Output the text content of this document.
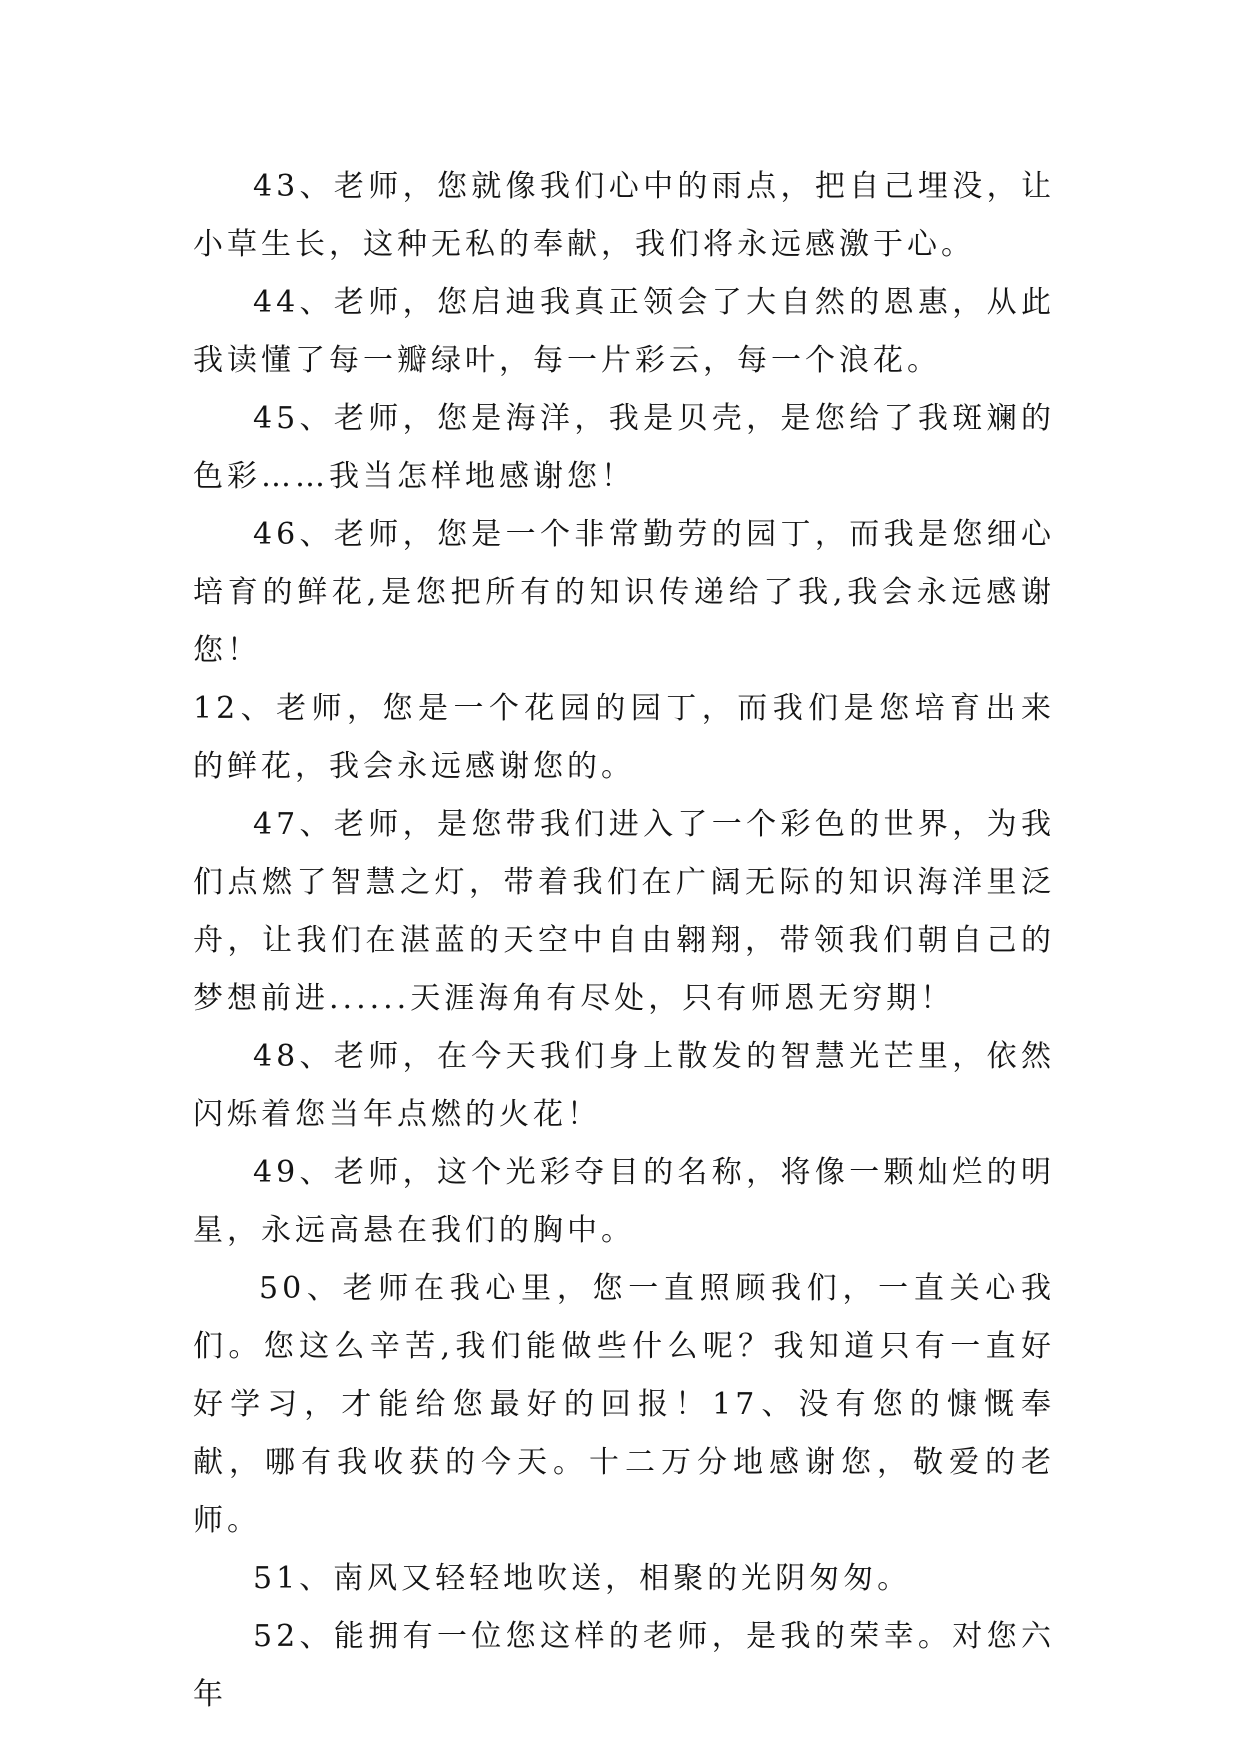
43、老师，您就像我们心中的雨点，把自己埋没，让小草生长，这种无私的奉献，我们将永远感激于心。

44、老师，您启迪我真正领会了大自然的恩惠，从此我读懂了每一瓣绿叶，每一片彩云，每一个浪花。

45、老师，您是海洋，我是贝壳，是您给了我斑斓的色彩……我当怎样地感谢您！

46、老师，您是一个非常勤劳的园丁，而我是您细心培育的鲜花,是您把所有的知识传递给了我,我会永远感谢您！

12、老师，您是一个花园的园丁，而我们是您培育出来的鲜花，我会永远感谢您的。

47、老师，是您带我们进入了一个彩色的世界，为我们点燃了智慧之灯，带着我们在广阔无际的知识海洋里泛舟，让我们在湛蓝的天空中自由翱翔，带领我们朝自己的梦想前进......天涯海角有尽处，只有师恩无穷期！

48、老师，在今天我们身上散发的智慧光芒里，依然闪烁着您当年点燃的火花！

49、老师，这个光彩夺目的名称，将像一颗灿烂的明星，永远高悬在我们的胸中。

50、老师在我心里，您一直照顾我们，一直关心我们。您这么辛苦,我们能做些什么呢？我知道只有一直好好学习，才能给您最好的回报！17、没有您的慷慨奉献，哪有我收获的今天。十二万分地感谢您，敬爱的老师。

51、南风又轻轻地吹送，相聚的光阴匆匆。

52、能拥有一位您这样的老师，是我的荣幸。对您六年
